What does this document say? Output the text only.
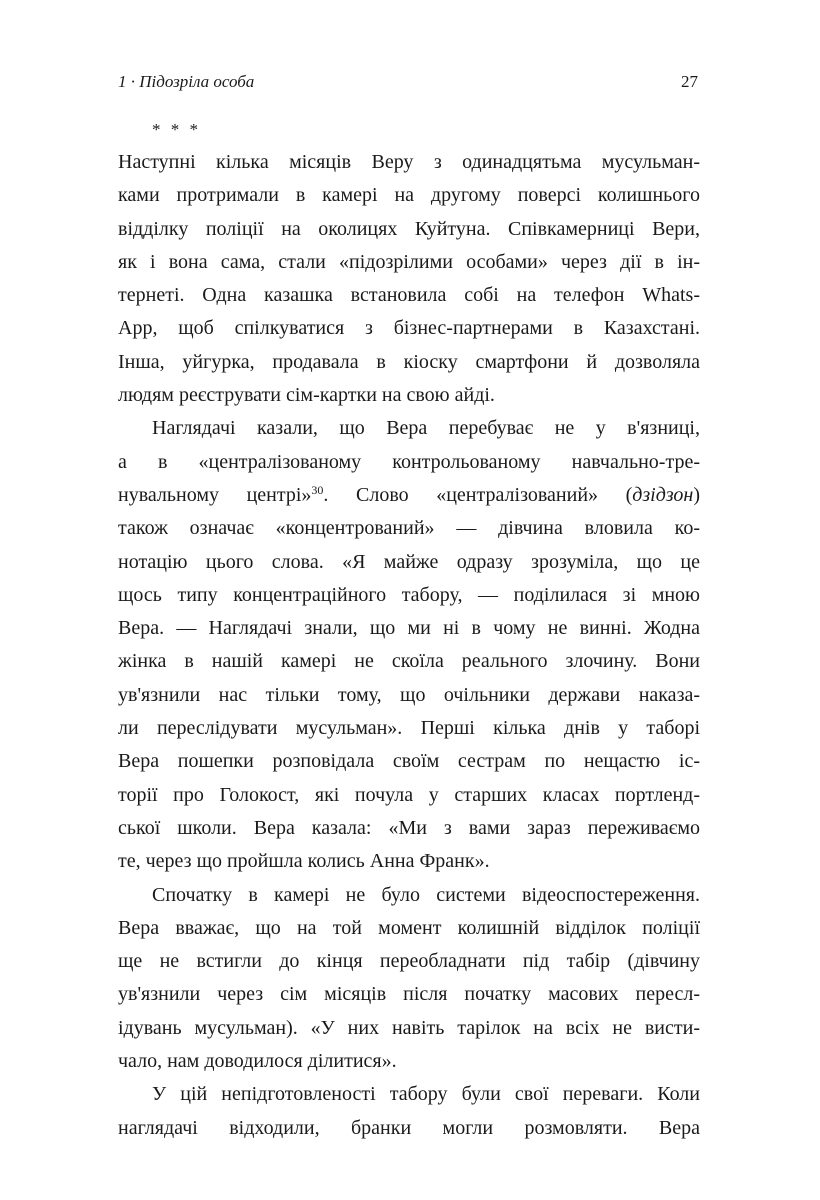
1 · Підозріла особа	27
* * *
Наступні кілька місяців Веру з одинадцятьма мусульман-
ками протримали в камері на другому поверсі колишнього
відділку поліції на околицях Куйтуна. Співкамерниці Вери,
як і вона сама, стали «підозрілими особами» через дії в ін-
тернеті. Одна казашка встановила собі на телефон Whats-
App, щоб спілкуватися з бізнес-партнерами в Казахстані.
Інша, уйгурка, продавала в кіоску смартфони й дозволяла
людям реєструвати сім-картки на свою айді.
Наглядачі казали, що Вера перебуває не у в'язниці,
а в «централізованому контрольованому навчально-тре-
нувальному центрі»$^{30}$. Слово «централізований» (дзідзон)
також означає «концентрований» — дівчина вловила ко-
нотацію цього слова. «Я майже одразу зрозуміла, що це
щось типу концентраційного табору, — поділилася зі мною
Вера. — Наглядачі знали, що ми ні в чому не винні. Жодна
жінка в нашій камері не скоїла реального злочину. Вони
ув'язнили нас тільки тому, що очільники держави наказа-
ли переслідувати мусульман». Перші кілька днів у таборі
Вера пошепки розповідала своїм сестрам по нещастю іс-
торії про Голокост, які почула у старших класах портленд-
ської школи. Вера казала: «Ми з вами зараз переживаємо
те, через що пройшла колись Анна Франк».
Спочатку в камері не було системи відеоспостереження.
Вера вважає, що на той момент колишній відділок поліції
ще не встигли до кінця переобладнати під табір (дівчину
ув'язнили через сім місяців після початку масових пересл-
ідувань мусульман). «У них навіть тарілок на всіх не висти-
чало, нам доводилося ділитися».
У цій непідготовленості табору були свої переваги. Коли
наглядачі відходили, бранки могли розмовляти. Вера
